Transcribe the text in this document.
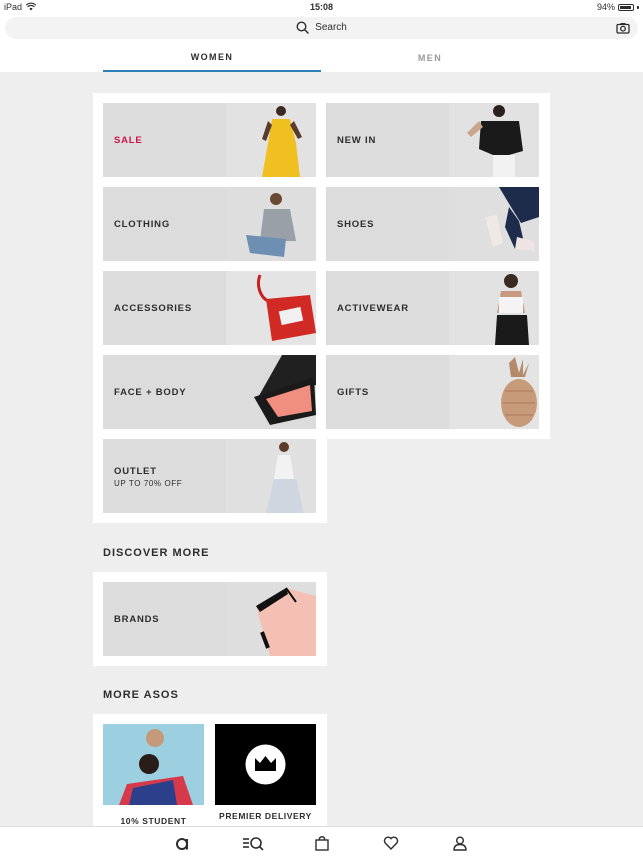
iPad	15:08	94%
Search
WOMEN	MEN
SALE	NEW IN
CLOTHING	SHOES
ACCESSORIES	ACTIVEWEAR
FACE + BODY	GIFTS
OUTLET
UP TO 70% OFF
DISCOVER MORE
BRANDS
MORE ASOS
10% STUDENT	PREMIER DELIVERY
